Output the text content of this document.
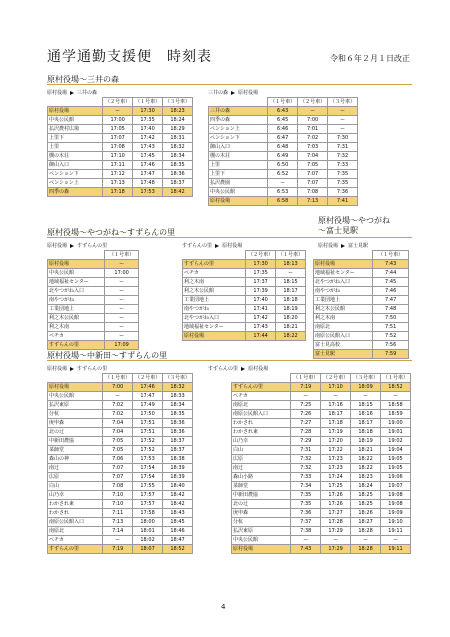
通学通勤支援便　時刻表	令和６年２月１日改正
原村役場～三井の森
原村役場～やつがね～すずらんの里
原村役場～やつがね
～富士見駅
原村役場～中新田～すずらんの里
原村役場 三井の森	三井の森 原村役場
原村役場 すずらんの里	すずらんの里 原村役場	原村役場 富士見駅
原村役場 すずらんの里	すずらんの里 原村役場
	（２号車）	（１号車）	（３号車）
原村役場	ー	17:30	18:23
中央公民館	17:00	17:35	18:24
払沢農村広場	17:05	17:40	18:29
上里下	17:07	17:42	18:31
上里	17:08	17:43	18:32
槻の木荘	17:10	17:45	18:34
御山入口	17:11	17:46	18:35
ペンション下	17:12	17:47	18:36
ペンション上	17:13	17:48	18:37
四季の森	17:18	17:53	18:42
	（１号車）	（２号車）	（３号車）
三井の森	6:43	ー	ー
四季の森	6:45	7:00	ー
ペンション上	6:46	7:01	ー
ペンション下	6:47	7:02	7:30
御山入口	6:48	7:03	7:31
槻の木荘	6:49	7:04	7:32
上里	6:50	7:05	7:33
上里下	6:52	7:07	7:35
払沢農園	ー	7:07	7:35
中央公民館	6:53	7:08	7:36
原村役場	6:58	7:13	7:41
	（１号車）
原村役場	ー
中央公民館	17:00
地域福祉センター	ー
北やつがね入口	ー
南やつがね	ー
工業団地上	ー
利之木公民館	ー
利之木南	ー
ベチカ	ー
すずらんの里	17:09
	（２号車）	（１号車）
すずらんの里	17:30	18:13
ベチカ	17:35	ー
利之木南	17:37	18:15
利之木公民館	17:39	18:17
工業団地上	17:40	18:18
南やつがね	17:41	18:19
北やつがね入口	17:42	18:20
地域福祉センター	17:43	18:21
原村役場	17:44	18:22
	（１号車）
原村役場	7:43
地域福祉センター	7:44
北やつがね入口	7:45
南やつがね	7:46
工業団地上	7:47
利之木公民館	7:48
利之木南	7:50
南原北	7:51
南原公民館入口	7:52
富士見高校	7:56
富士見駅	7:59
	（１号車）	（２号車）	（３号車）
原村役場	7:00	17:46	18:32
中央公民館	ー	17:47	18:33
払沢東原	7:02	17:49	18:34
分杭	7:02	17:50	18:35
庚申森	7:04	17:51	18:36
北の辻	7:04	17:51	18:36
中新田農協	7:05	17:52	18:37
菜師堂	7:05	17:52	18:37
森山の神	7:06	17:53	18:38
南辻	7:07	17:54	18:39
広原	7:07	17:54	18:39
白山	7:08	17:55	18:40
山乃幸	7:10	17:57	18:42
わかされ東	7:10	17:57	18:42
わかされ	7:11	17:58	18:43
南原公民館入口	7:13	18:00	18:45
南原北	7:14	18:01	18:46
ベチカ	ー	18:02	18:47
すずらんの里	7:19	18:07	18:52
	（１号車）	（２号車）	（３号車）	（１号車）
すずらんの里	7:19	17:10	18:09	18:52
ベチカ	ー	ー	ー	ー
南原北	7:25	17:16	18:15	18:58
南原公民館入口	7:26	18:17	18:16	18:59
わかされ	7:27	17:18	18:17	19:00
わかされ東	7:28	17:19	18:18	19:01
山乃幸	7:29	17:20	18:19	19:02
白山	7:31	17:22	18:21	19:04
広原	7:32	17:23	18:22	19:05
南辻	7:32	17:23	18:22	19:05
森山小路	7:33	17:24	18:23	19:06
菜師堂	7:34	17:25	18:24	19:07
中新田農協	7:35	17:26	18:25	19:08
北の辻	7:35	17:26	18:25	19:08
庚申森	7:36	17:27	18:26	19:09
分杭	7:37	17:28	18:27	19:10
払沢東原	7:38	17:29	18:28	19:11
中央公民館	ー	ー	ー	ー
原村役場	7:43	17:29	18:28	19:11
4
